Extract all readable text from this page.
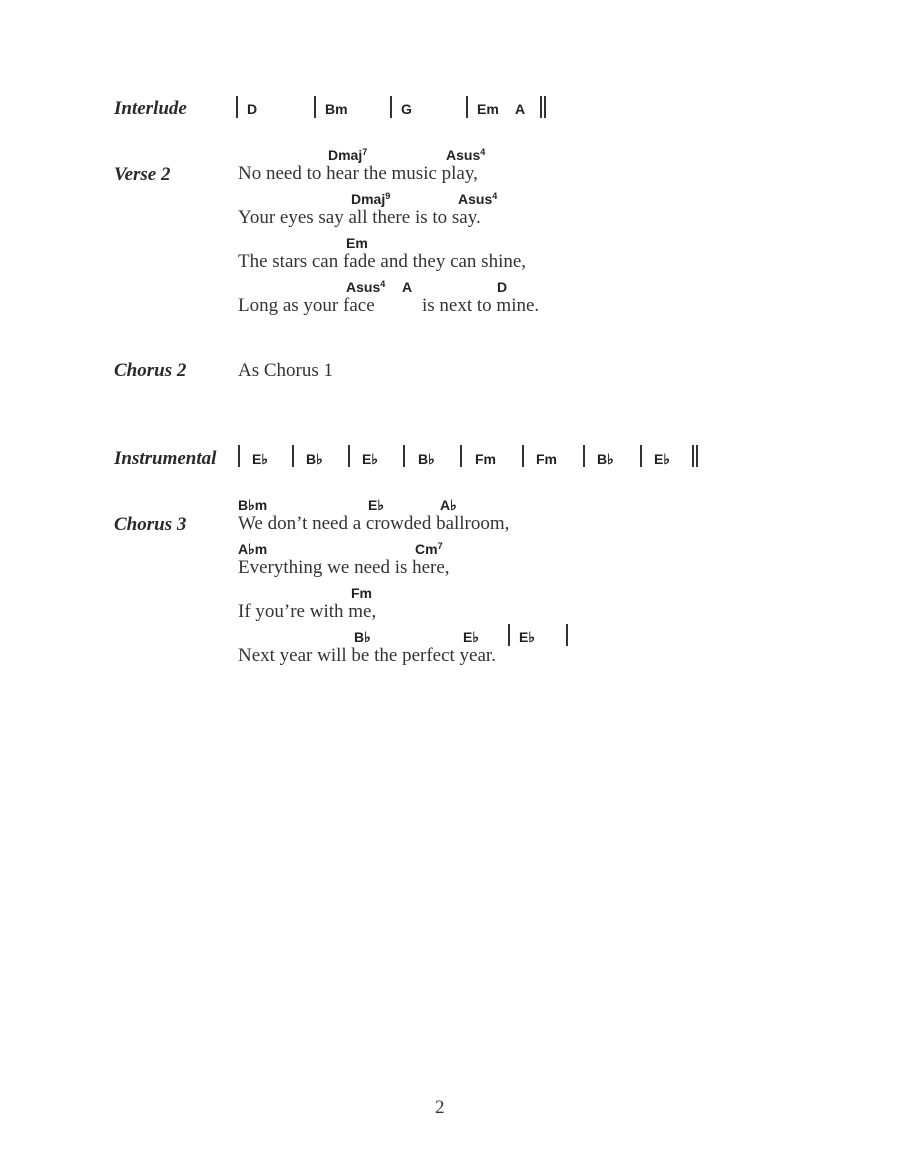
Interlude	D	Bm	G	Em A
Verse 2
Dmaj$^7$	Asus$^4$
No need to hear the music play,
Dmaj$^9$	Asus$^4$
Your eyes say all there is to say.
Em
The stars can fade and they can shine,
Asus$^4$ A	D
Long as your face is next to mine.
Chorus 2	As Chorus 1
Instrumental	E♭	B♭	E♭	B♭	Fm	Fm	B♭	E♭
Chorus 3
B♭m	E♭	A♭
We don’t need a crowded ballroom,
A♭m	Cm$^7$
Everything we need is here,
Fm
If you’re with me,
B♭	E♭	E♭
Next year will be the perfect year.
2
